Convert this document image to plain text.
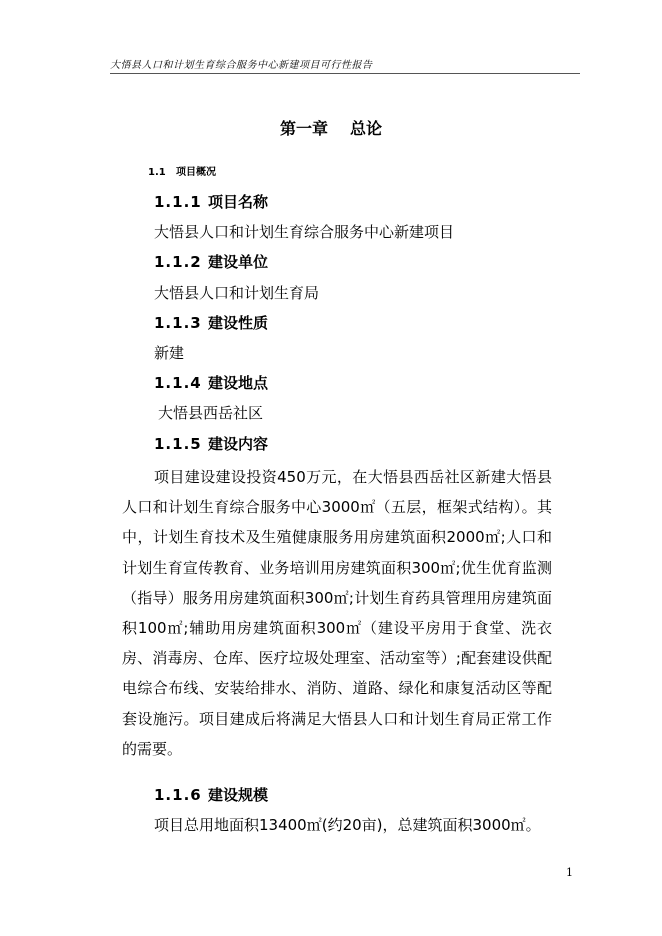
大悟县人口和计划生育综合服务中心新建项目可行性报告
第一章 总论
1.1 项目概况
1.1.1 项目名称
大悟县人口和计划生育综合服务中心新建项目
1.1.2 建设单位
大悟县人口和计划生育局
1.1.3 建设性质
新建
1.1.4 建设地点
大悟县西岳社区
1.1.5 建设内容

项目建设建设投资450万元，在大悟县西岳社区新建大悟县人口和计划生育综合服务中心3000㎡（五层，框架式结构）。其中，计划生育技术及生殖健康服务用房建筑面积2000㎡;人口和计划生育宣传教育、业务培训用房建筑面积300㎡;优生优育监测（指导）服务用房建筑面积300㎡;计划生育药具管理用房建筑面积100㎡;辅助用房建筑面积300㎡（建设平房用于食堂、洗衣房、消毒房、仓库、医疗垃圾处理室、活动室等）;配套建设供配电综合布线、安装给排水、消防、道路、绿化和康复活动区等配套设施污。项目建成后将满足大悟县人口和计划生育局正常工作的需要。

1.1.6 建设规模
项目总用地面积13400㎡(约20亩)，总建筑面积3000㎡。
1
